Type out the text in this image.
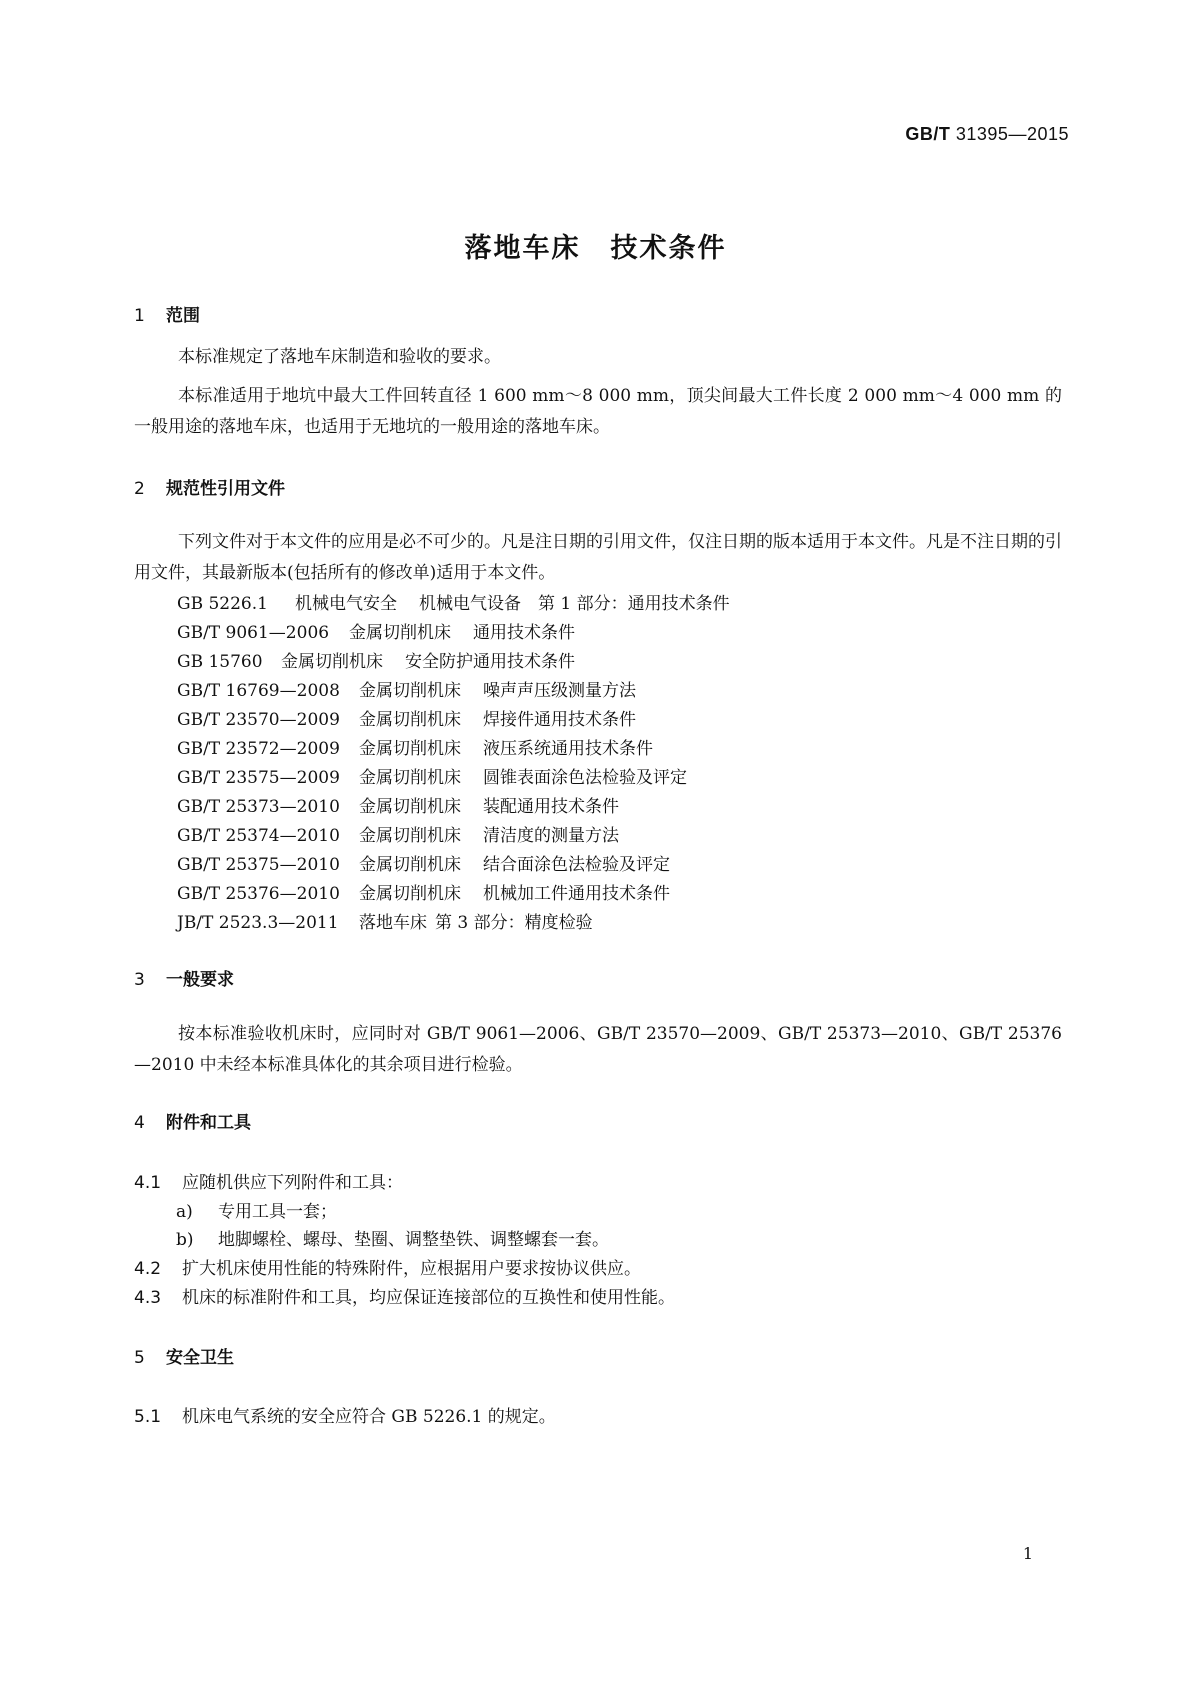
GB/T 31395—2015
落地车床 技术条件
1 范围
本标准规定了落地车床制造和验收的要求。
本标准适用于地坑中最大工件回转直径 1 600 mm～8 000 mm，顶尖间最大工件长度 2 000 mm～4 000 mm 的一般用途的落地车床，也适用于无地坑的一般用途的落地车床。
2 规范性引用文件
下列文件对于本文件的应用是必不可少的。凡是注日期的引用文件，仅注日期的版本适用于本文件。凡是不注日期的引用文件，其最新版本(包括所有的修改单)适用于本文件。
GB 5226.1 机械电气安全 机械电气设备　第 1 部分：通用技术条件
GB/T 9061—2006 金属切削机床 通用技术条件
GB 15760 金属切削机床 安全防护通用技术条件
GB/T 16769—2008 金属切削机床 噪声声压级测量方法
GB/T 23570—2009 金属切削机床 焊接件通用技术条件
GB/T 23572—2009 金属切削机床 液压系统通用技术条件
GB/T 23575—2009 金属切削机床 圆锥表面涂色法检验及评定
GB/T 25373—2010 金属切削机床 装配通用技术条件
GB/T 25374—2010 金属切削机床 清洁度的测量方法
GB/T 25375—2010 金属切削机床 结合面涂色法检验及评定
GB/T 25376—2010 金属切削机床 机械加工件通用技术条件
JB/T 2523.3—2011 落地车床 第 3 部分：精度检验
3 一般要求
按本标准验收机床时，应同时对 GB/T 9061—2006、GB/T 23570—2009、GB/T 25373—2010、GB/T 25376—2010 中未经本标准具体化的其余项目进行检验。
4 附件和工具
4.1 应随机供应下列附件和工具：
a) 专用工具一套；
b) 地脚螺栓、螺母、垫圈、调整垫铁、调整螺套一套。
4.2 扩大机床使用性能的特殊附件，应根据用户要求按协议供应。
4.3 机床的标准附件和工具，均应保证连接部位的互换性和使用性能。
5 安全卫生
5.1 机床电气系统的安全应符合 GB 5226.1 的规定。
1
